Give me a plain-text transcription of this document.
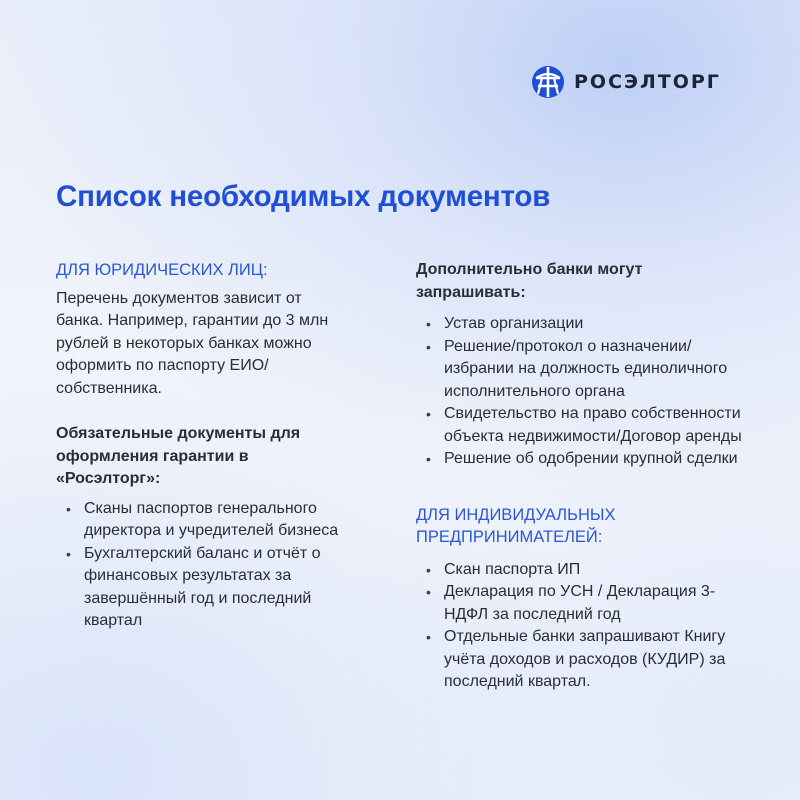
РОСЭЛТОРГ
Список необходимых документов

ДЛЯ ЮРИДИЧЕСКИХ ЛИЦ:

Перечень документов зависит от банка. Например, гарантии до 3 млн рублей в некоторых банках можно оформить по паспорту ЕИО/собственника.

Обязательные документы для оформления гарантии в «Росэлторг»:

• Сканы паспортов генерального директора и учредителей бизнеса
• Бухгалтерский баланс и отчёт о финансовых результатах за завершённый год и последний квартал

Дополнительно банки могут запрашивать:

• Устав организации
• Решение/протокол о назначении/ избрании на должность единоличного исполнительного органа
• Свидетельство на право собственности объекта недвижимости/Договор аренды
• Решение об одобрении крупной сделки

ДЛЯ ИНДИВИДУАЛЬНЫХ ПРЕДПРИНИМАТЕЛЕЙ:

• Скан паспорта ИП
• Декларация по УСН / Декларация 3-НДФЛ за последний год
• Отдельные банки запрашивают Книгу учёта доходов и расходов (КУДИР) за последний квартал.
